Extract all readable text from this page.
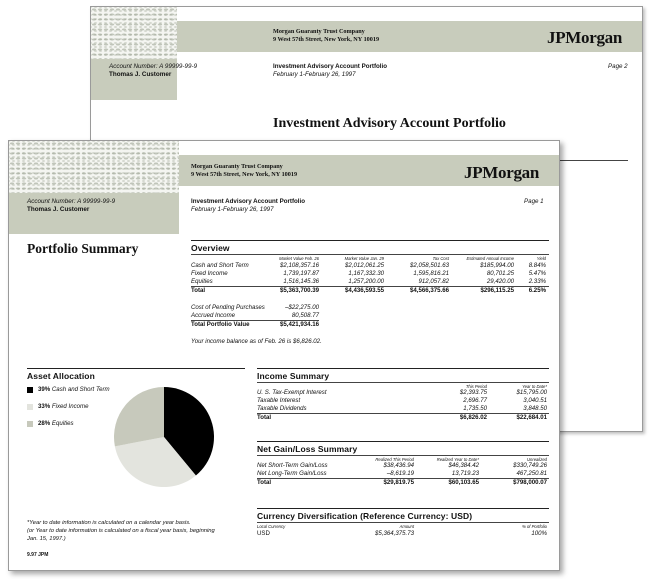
Morgan Guaranty Trust Company
9 West 57th Street, New York, NY 10019	JPMorgan
Account Number: A 99999-99-9
Thomas J. Customer
Investment Advisory Account Portfolio
February 1-February 26, 1997
Page 2
Investment Advisory Account Portfolio
Morgan Guaranty Trust Company
9 West 57th Street, New York, NY 10019	JPMorgan
Account Number: A 99999-99-9
Thomas J. Customer
Investment Advisory Account Portfolio
February 1-February 26, 1997
Page 1
Portfolio Summary	Overview
Market Value Feb. 26	Market Value Jan. 29	Tax Cost	Estimated Annual Income	Yield
Cash and Short Term	$2,108,357.16	$2,012,061.25	$2,058,501.63	$185,994.00	8.84%
Fixed Income	1,739,197.87	1,167,332.30	1,595,816.21	80,701.25	5.47%
Equities	1,516,145.36	1,257,200.00	912,057.82	29,420.00	2.33%
Total	$5,363,700.39	$4,436,593.55	$4,566,375.66	$296,115.25	6.25%
Cost of Pending Purchases	–$22,275.00
Accrued Income	80,508.77
Total Portfolio Value	$5,421,934.16
Your income balance as of Feb. 26 is $6,826.02.
Asset Allocation
39% Cash and Short Term
33% Fixed Income
28% Equities
Income Summary
This Period	Year to Date*
U. S. Tax-Exempt Interest	$2,393.75	$15,795.00
Taxable Interest	2,696.77	3,040.51
Taxable Dividends	1,735.50	3,848.50
Total	$6,826.02	$22,684.01
Net Gain/Loss Summary
Realized This Period	Realized Year to Date*	Unrealized
Net Short-Term Gain/Loss	$38,436.94	$46,384.42	$330,749.26
Net Long-Term Gain/Loss	–8,619.19	13,719.23	467,250.81
Total	$29,819.75	$60,103.65	$798,000.07
Currency Diversification (Reference Currency: USD)
Local Currency	Amount	% of Portfolio
USD	$5,364,375.73	100%
*Year to date information is calculated on a calendar year basis.
(or Year to date information is calculated on a fiscal year basis, beginning
Jan. 15, 1997.)
9.97 JPM
